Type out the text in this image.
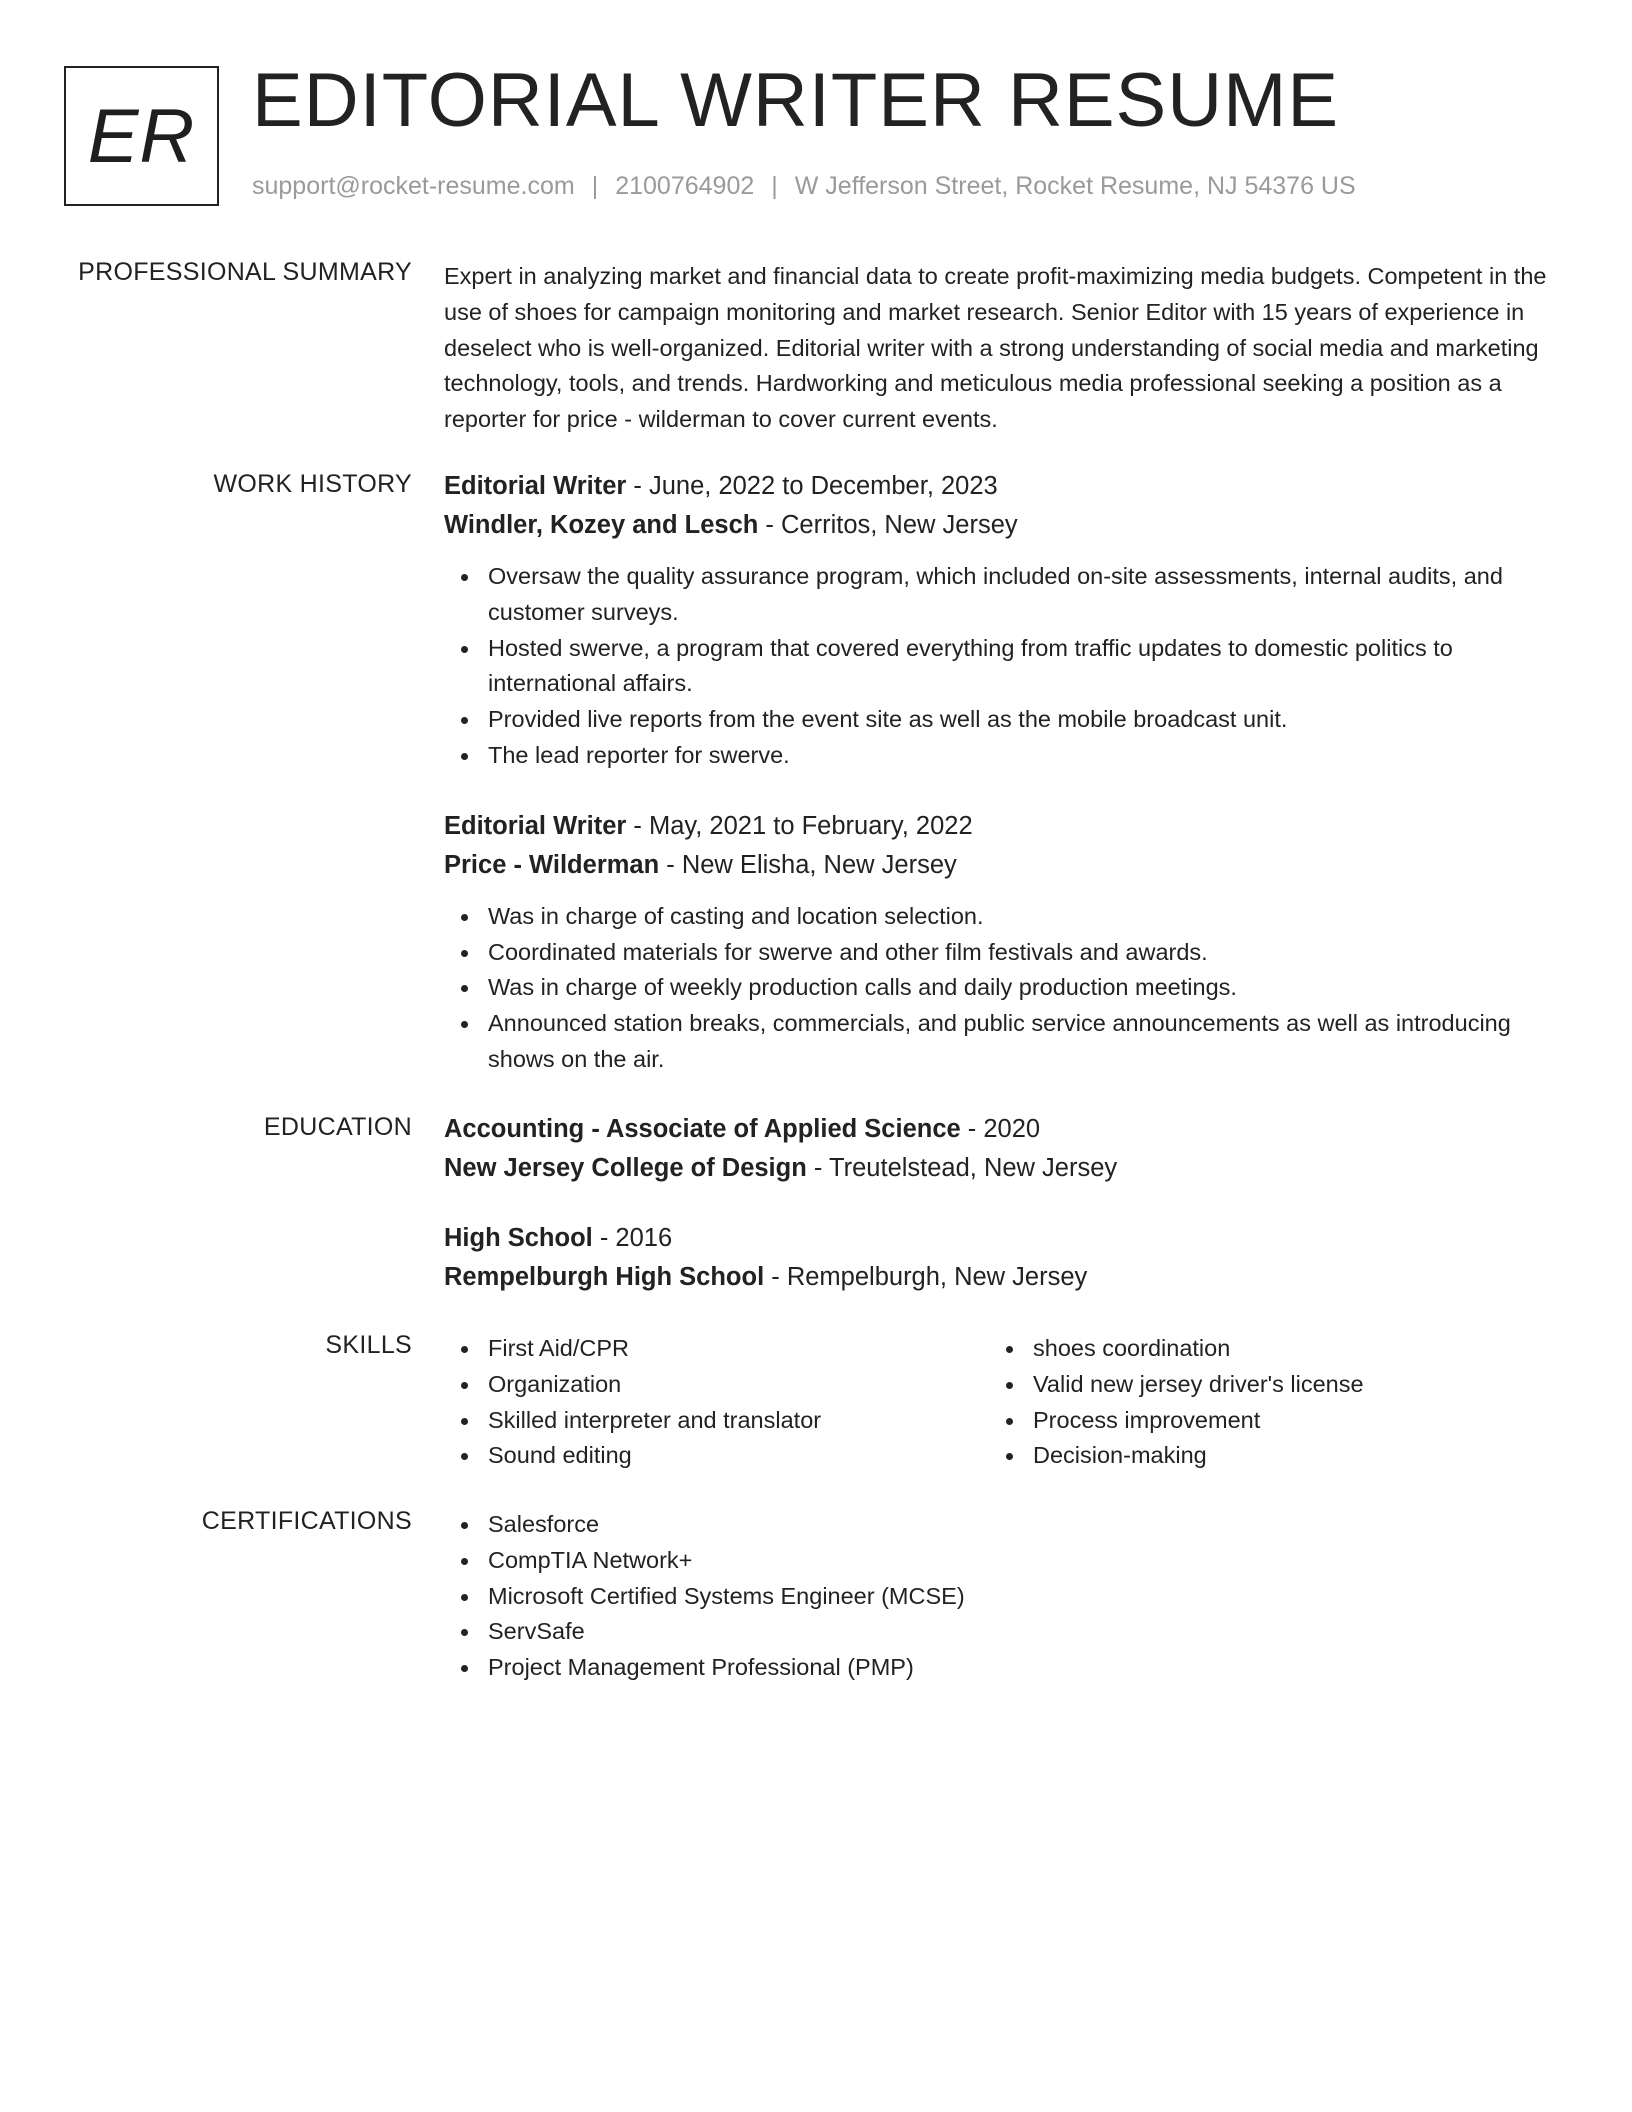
ER EDITORIAL WRITER RESUME
support@rocket-resume.com | 2100764902 | W Jefferson Street, Rocket Resume, NJ 54376 US
PROFESSIONAL SUMMARY Expert in analyzing market and financial data to create profit-maximizing media budgets. Competent in the use of shoes for campaign monitoring and market research. Senior Editor with 15 years of experience in deselect who is well-organized. Editorial writer with a strong understanding of social media and marketing technology, tools, and trends. Hardworking and meticulous media professional seeking a position as a reporter for price - wilderman to cover current events.

WORK HISTORY Editorial Writer - June, 2022 to December, 2023
Windler, Kozey and Lesch - Cerritos, New Jersey
Oversaw the quality assurance program, which included on-site assessments, internal audits, and customer surveys.
Hosted swerve, a program that covered everything from traffic updates to domestic politics to international affairs.
Provided live reports from the event site as well as the mobile broadcast unit.
The lead reporter for swerve.
Editorial Writer - May, 2021 to February, 2022
Price - Wilderman - New Elisha, New Jersey
Was in charge of casting and location selection.
Coordinated materials for swerve and other film festivals and awards.
Was in charge of weekly production calls and daily production meetings.
Announced station breaks, commercials, and public service announcements as well as introducing shows on the air.
EDUCATION Accounting - Associate of Applied Science - 2020
New Jersey College of Design - Treutelstead, New Jersey
High School - 2016
Rempelburgh High School - Rempelburgh, New Jersey
SKILLS	First Aid/CPR
Organization
Skilled interpreter and translator
Sound editing
shoes coordination
Valid new jersey driver's license
Process improvement
Decision-making
CERTIFICATIONS	Salesforce
CompTIA Network+
Microsoft Certified Systems Engineer (MCSE)
ServSafe
Project Management Professional (PMP)
